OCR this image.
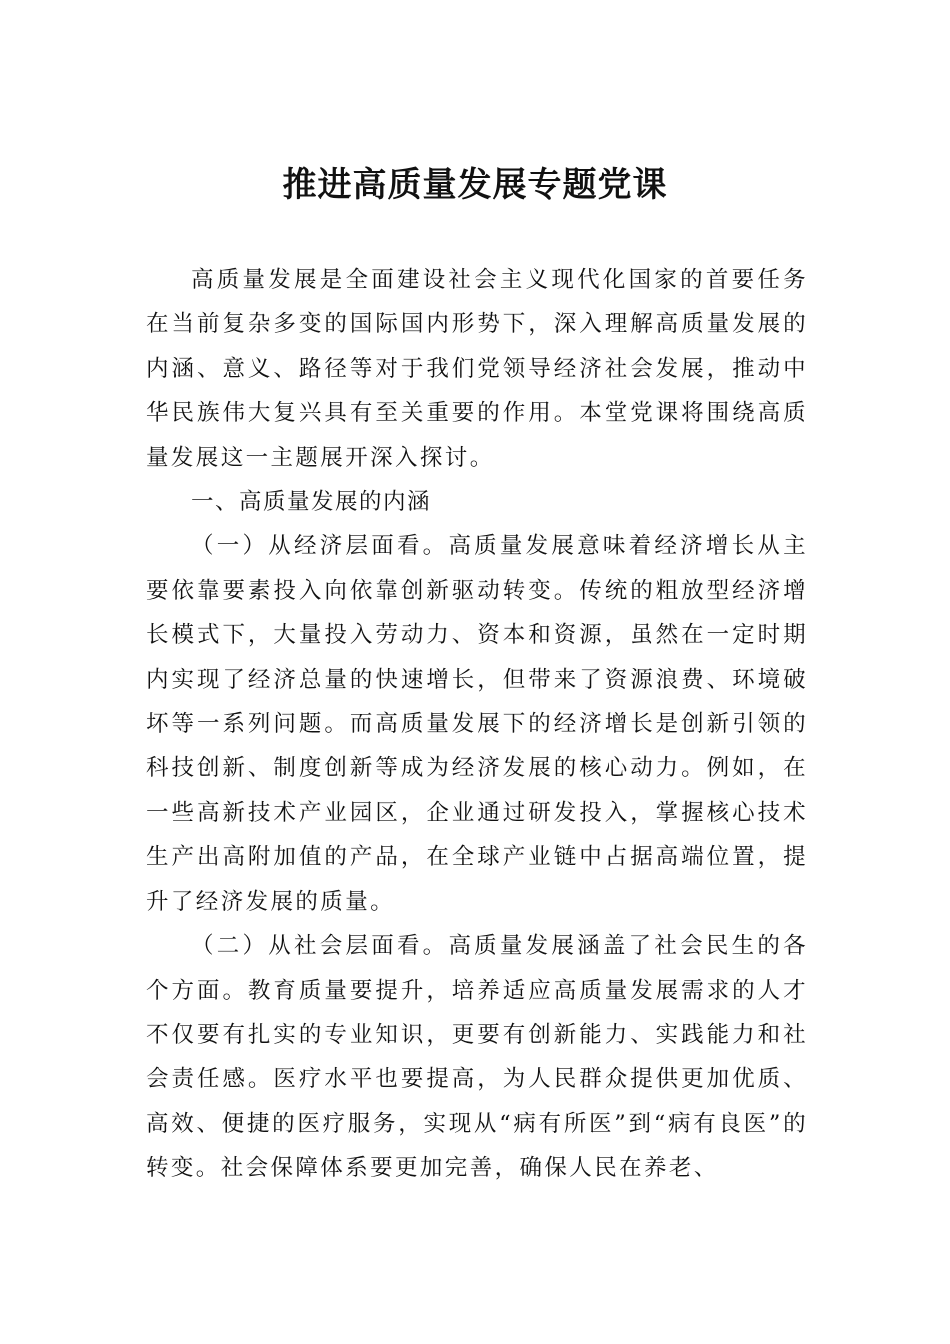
推进高质量发展专题党课

高质量发展是全面建设社会主义现代化国家的首要任务在当前复杂多变的国际国内形势下，深入理解高质量发展的内涵、意义、路径等对于我们党领导经济社会发展，推动中华民族伟大复兴具有至关重要的作用。本堂党课将围绕高质量发展这一主题展开深入探讨。

一、高质量发展的内涵

（一）从经济层面看。高质量发展意味着经济增长从主要依靠要素投入向依靠创新驱动转变。传统的粗放型经济增长模式下，大量投入劳动力、资本和资源，虽然在一定时期内实现了经济总量的快速增长，但带来了资源浪费、环境破坏等一系列问题。而高质量发展下的经济增长是创新引领的科技创新、制度创新等成为经济发展的核心动力。例如，在一些高新技术产业园区，企业通过研发投入，掌握核心技术生产出高附加值的产品，在全球产业链中占据高端位置，提升了经济发展的质量。

（二）从社会层面看。高质量发展涵盖了社会民生的各个方面。教育质量要提升，培养适应高质量发展需求的人才不仅要有扎实的专业知识，更要有创新能力、实践能力和社会责任感。医疗水平也要提高，为人民群众提供更加优质、高效、便捷的医疗服务，实现从“病有所医”到“病有良医”的转变。社会保障体系要更加完善，确保人民在养老、
